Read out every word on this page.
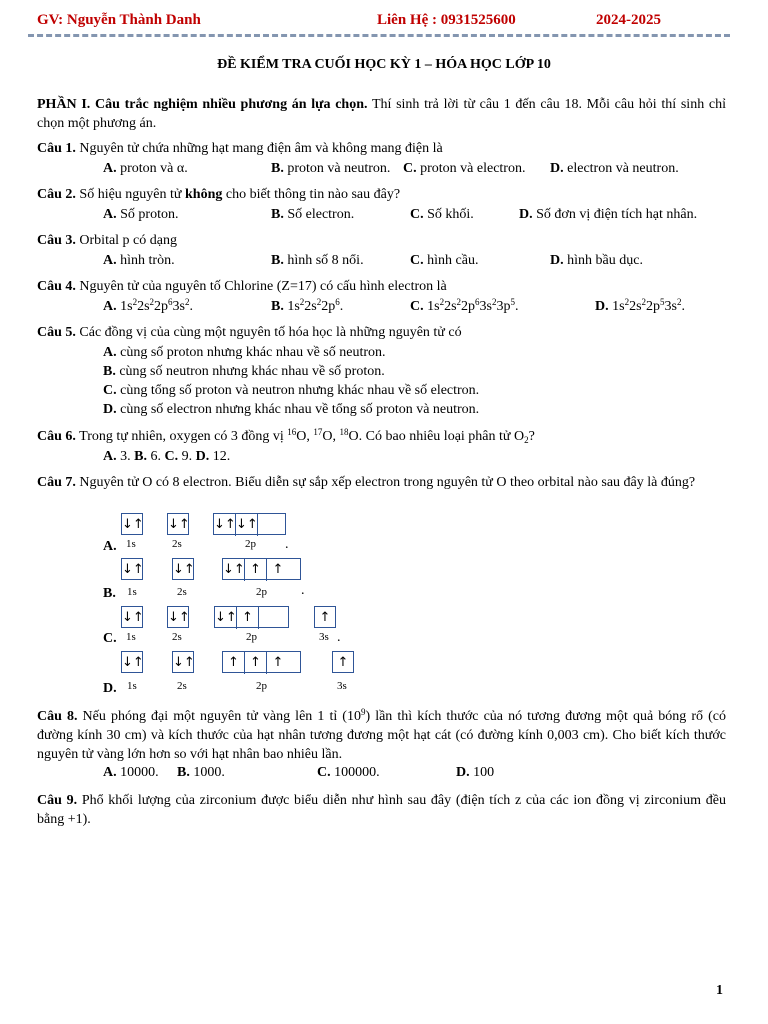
GV: Nguyễn Thành Danh	Liên Hệ : 0931525600	2024-2025
ĐỀ KIỂM TRA CUỐI HỌC KỲ 1 – HÓA HỌC LỚP 10
PHẦN I. Câu trắc nghiệm nhiều phương án lựa chọn. Thí sinh trả lời từ câu 1 đến câu 18. Mỗi câu hỏi thí sinh chỉ chọn một phương án.
Câu 1. Nguyên tử chứa những hạt mang điện âm và không mang điện là
A. proton và α.	B. proton và neutron. C. proton và electron. D. electron và neutron.
Câu 2. Số hiệu nguyên tử không cho biết thông tin nào sau đây?
A. Số proton.	B. Số electron.	C. Số khối.	D. Số đơn vị điện tích hạt nhân.
Câu 3. Orbital p có dạng
A. hình tròn.	B. hình số 8 nổi.	C. hình cầu.	D. hình bầu dục.
Câu 4. Nguyên tử của nguyên tố Chlorine (Z=17) có cấu hình electron là
A. $1s^22s^22p^63s^2$.	B. $1s^22s^22p^6$.	C. $1s^22s^22p^63s^23p^5$.	D. $1s^22s^22p^53s^2$.
Câu 5. Các đồng vị của cùng một nguyên tố hóa học là những nguyên tử có
A. cùng số proton nhưng khác nhau về số neutron.
B. cùng số neutron nhưng khác nhau về số proton.
C. cùng tổng số proton và neutron nhưng khác nhau về số electron.
D. cùng số electron nhưng khác nhau về tổng số proton và neutron.
Câu 6. Trong tự nhiên, oxygen có 3 đồng vị $^{16}$O, $^{17}$O, $^{18}$O. Có bao nhiêu loại phân tử $O_2$?
A. 3. B. 6. C. 9. D. 12.
Câu 7. Nguyên tử O có 8 electron. Biểu diễn sự sắp xếp electron trong nguyên tử O theo orbital nào sau đây là đúng?
A.
↓↑ ↓↑ ↓↑↓↑
1s	2s	2p .
B.
↓↑ ↓↑ ↓↑ ↑ ↑
1s	2s	2p .
C.
↓↑ ↓↑ ↓↑ ↑	↑
1s	2s	2p	3s .
D.
↓↑ ↓↑	↑ ↑ ↑	↑
1s	2s	2p	3s
Câu 8. Nếu phóng đại một nguyên tử vàng lên 1 tỉ $(10^9)$ lần thì kích thước của nó tương đương một quả bóng rổ (có đường kính 30 cm) và kích thước của hạt nhân tương đương một hạt cát (có đường kính 0,003 cm). Cho biết kích thước nguyên tử vàng lớn hơn so với hạt nhân bao nhiêu lần.
A. 10000. B. 1000.	C. 100000.	D. 100
Câu 9. Phổ khối lượng của zirconium được biểu diễn như hình sau đây (điện tích z của các ion đồng vị zirconium đều bằng +1).
1
